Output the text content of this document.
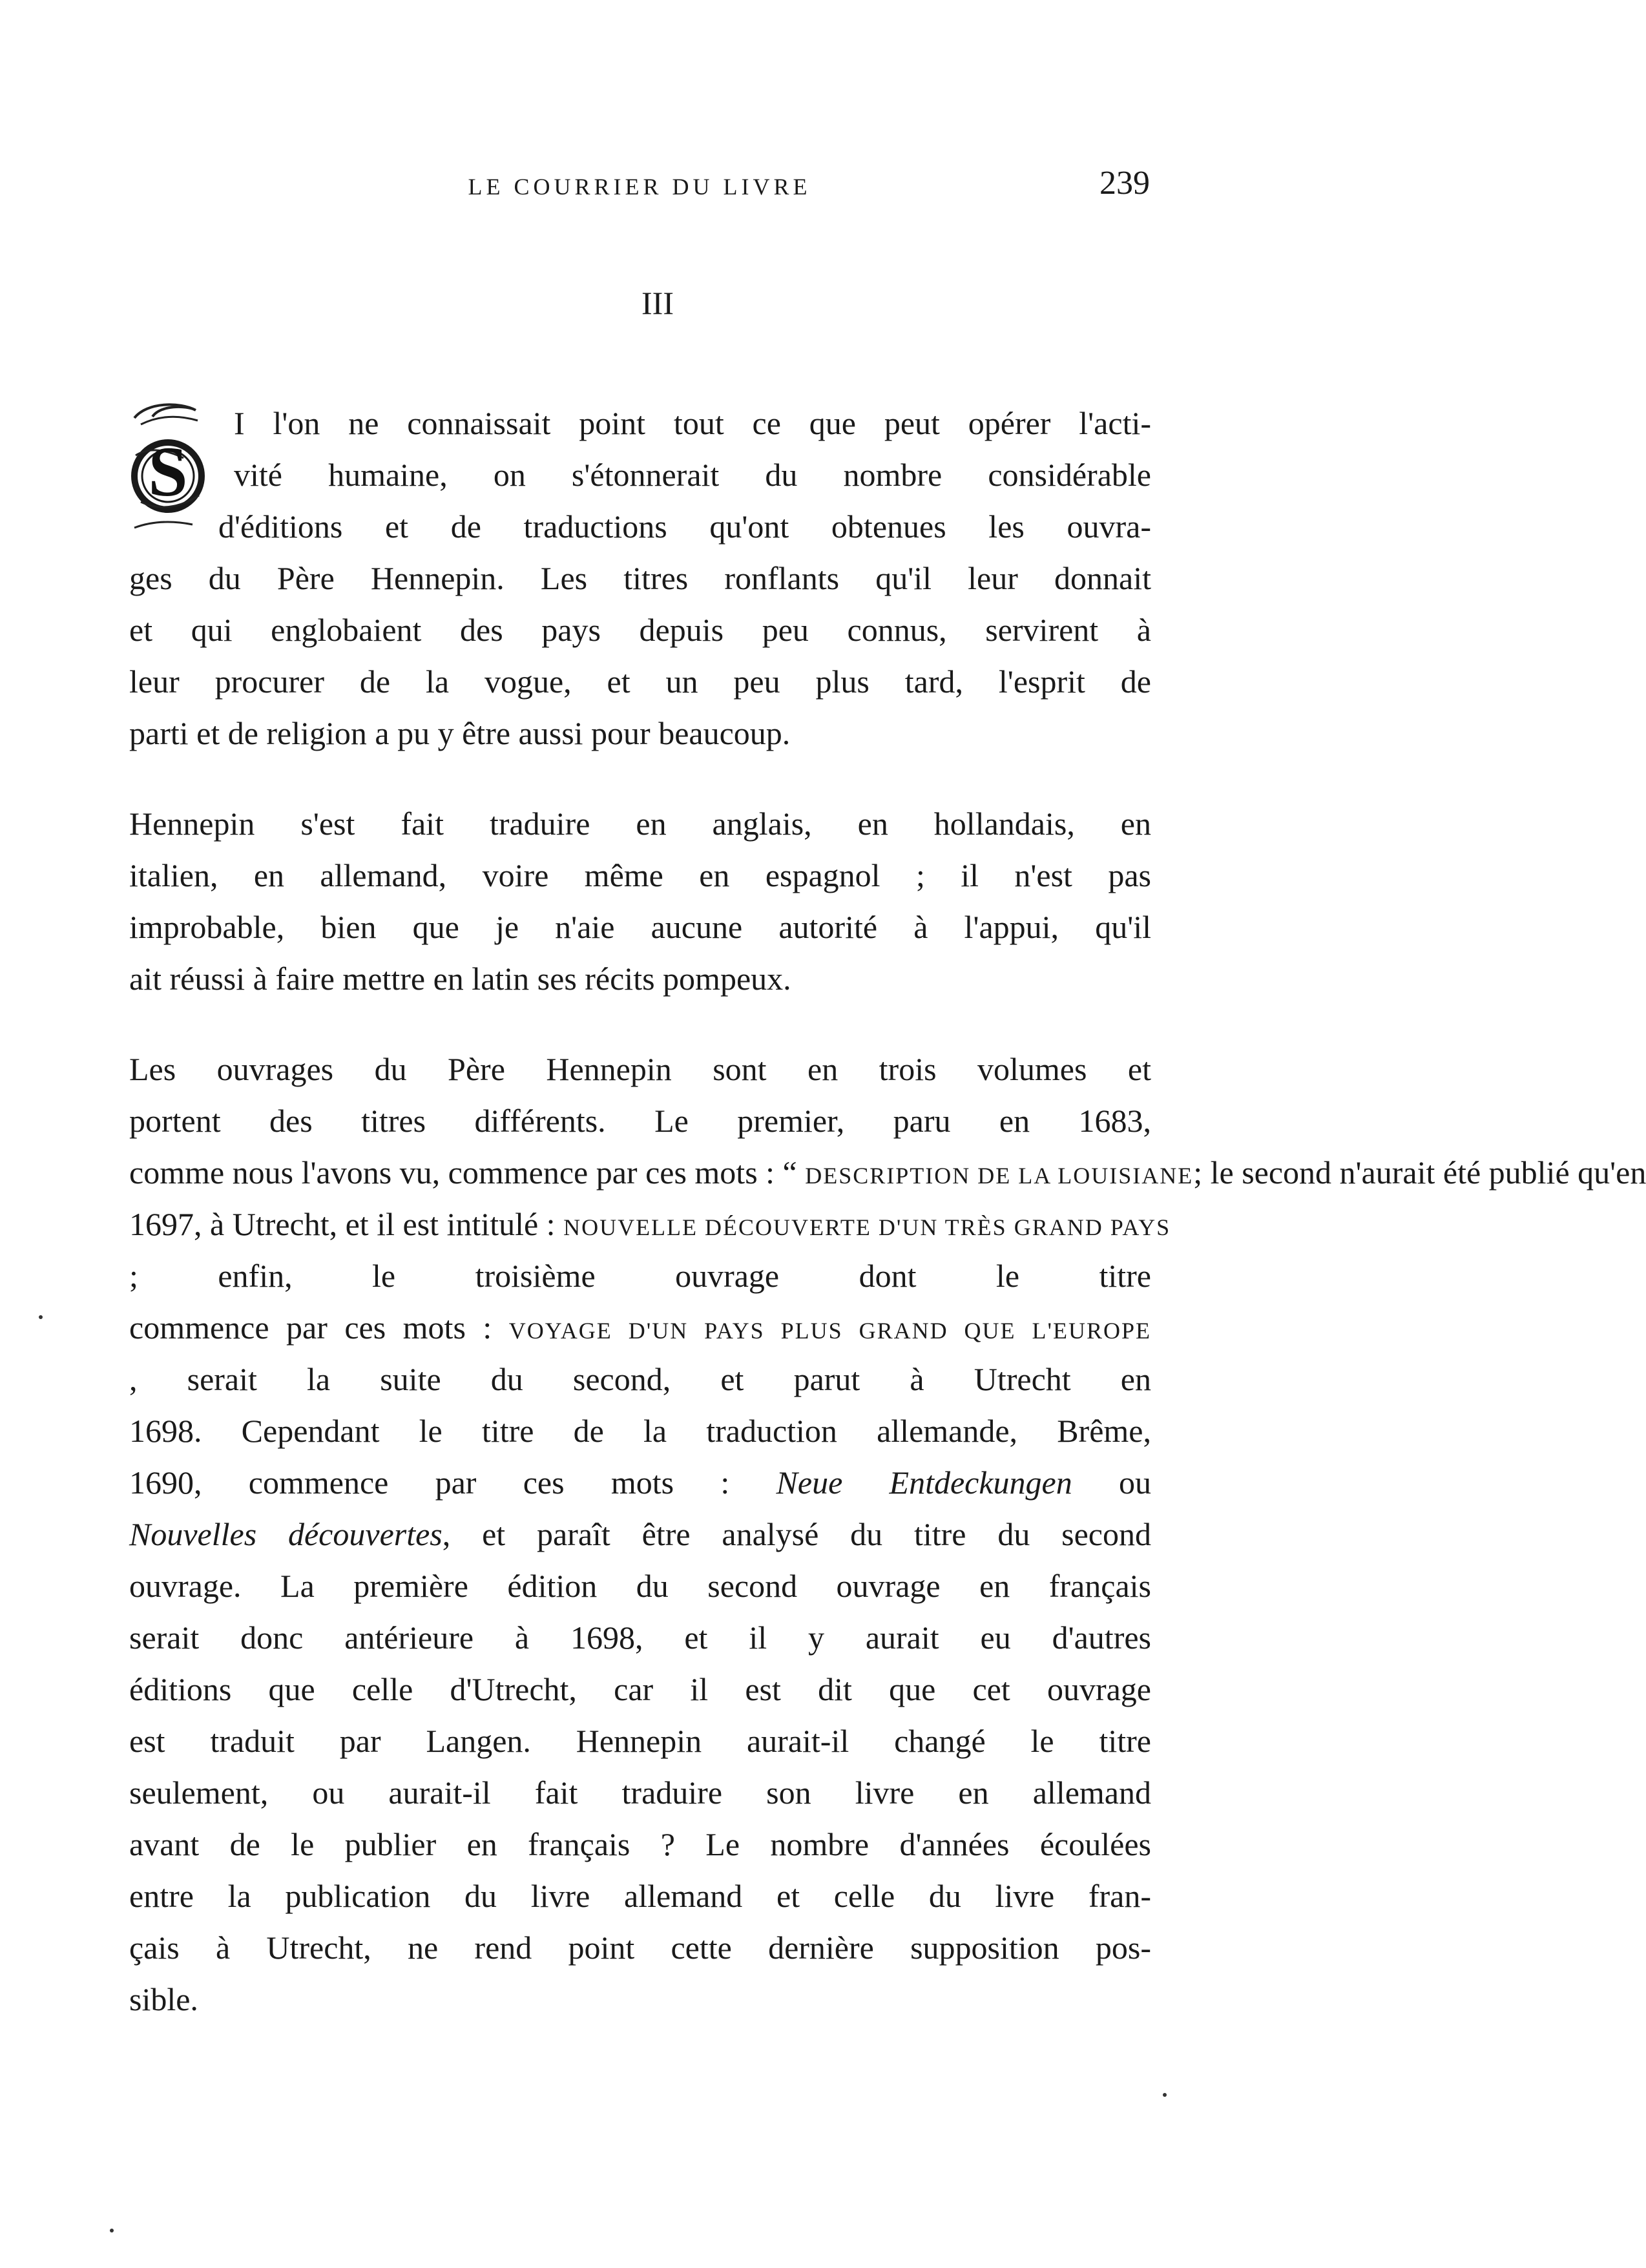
LE COURRIER DU LIVRE	239
III
S
I l'on ne connaissait point tout ce que peut opérer l'acti-
vité humaine, on s'étonnerait du nombre considérable
d'éditions et de traductions qu'ont obtenues les ouvra-
ges du Père Hennepin. Les titres ronflants qu'il leur donnait
et qui englobaient des pays depuis peu connus, servirent à
leur procurer de la vogue, et un peu plus tard, l'esprit de
parti et de religion a pu y être aussi pour beaucoup.
Hennepin s'est fait traduire en anglais, en hollandais, en
italien, en allemand, voire même en espagnol ; il n'est pas
improbable, bien que je n'aie aucune autorité à l'appui, qu'il
ait réussi à faire mettre en latin ses récits pompeux.
Les ouvrages du Père Hennepin sont en trois volumes et
portent des titres différents. Le premier, paru en 1683,
comme nous l'avons vu, commence par ces mots : “ DESCRIPTION DE LA LOUISIANE; le second n'aurait été publié qu'en
1697, à Utrecht, et il est intitulé : NOUVELLE DÉCOUVERTE D'UN TRÈS GRAND PAYS
; enfin, le troisième ouvrage dont le titre
commence par ces mots : VOYAGE D'UN PAYS PLUS GRAND QUE L'EUROPE
, serait la suite du second, et parut à Utrecht en
1698. Cependant le titre de la traduction allemande, Brême,
1690, commence par ces mots : Neue Entdeckungen ou
Nouvelles découvertes, et paraît être analysé du titre du second
ouvrage. La première édition du second ouvrage en français
serait donc antérieure à 1698, et il y aurait eu d'autres
éditions que celle d'Utrecht, car il est dit que cet ouvrage
est traduit par Langen. Hennepin aurait-il changé le titre
seulement, ou aurait-il fait traduire son livre en allemand
avant de le publier en français ? Le nombre d'années écoulées
entre la publication du livre allemand et celle du livre fran-
çais à Utrecht, ne rend point cette dernière supposition pos-
sible.
